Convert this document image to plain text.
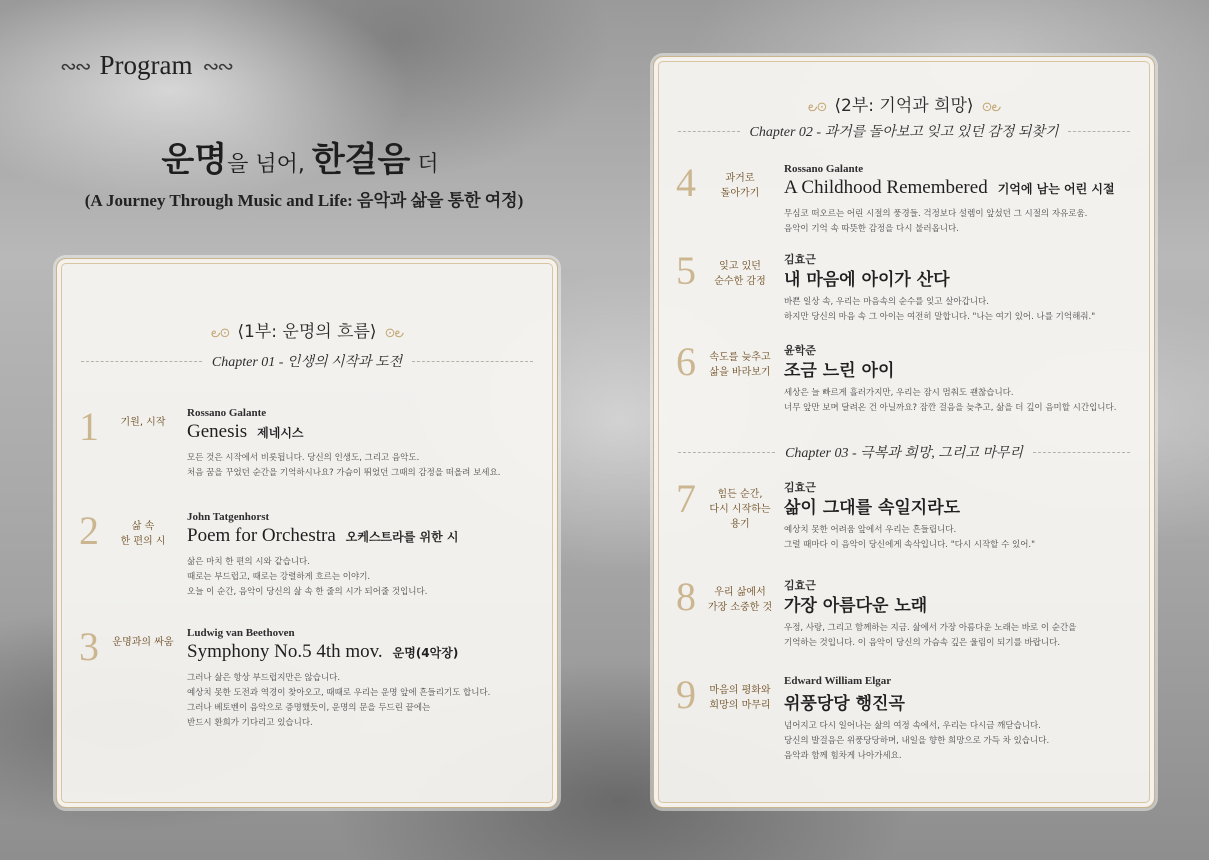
∾∾ Program ∾∾
운명을 넘어, 한걸음 더
(A Journey Through Music and Life: 음악과 삶을 통한 여정)
౿⊙ ⟨1부: 운명의 흐름⟩ ⊙౿
Chapter 01 - 인생의 시작과 도전
1	기원, 시작
Rossano Galante
Genesis 제네시스
모든 것은 시작에서 비롯됩니다. 당신의 인생도, 그리고 음악도.
처음 꿈을 꾸었던 순간을 기억하시나요? 가슴이 뛰었던 그때의 감정을 떠올려 보세요.
2	삶 속
한 편의 시
John Tatgenhorst
Poem for Orchestra 오케스트라를 위한 시
삶은 마치 한 편의 시와 같습니다.
때로는 부드럽고, 때로는 강렬하게 흐르는 이야기.
오늘 이 순간, 음악이 당신의 삶 속 한 줄의 시가 되어줄 것입니다.
3	운명과의 싸움
Ludwig van Beethoven
Symphony No.5 4th mov. 운명(4악장)
그러나 삶은 항상 부드럽지만은 않습니다.
예상치 못한 도전과 역경이 찾아오고, 때때로 우리는 운명 앞에 흔들리기도 합니다.
그러나 베토벤이 음악으로 증명했듯이, 운명의 문을 두드린 끝에는
반드시 환희가 기다리고 있습니다.
౿⊙ ⟨2부: 기억과 희망⟩ ⊙౿
Chapter 02 - 과거를 돌아보고 잊고 있던 감정 되찾기
4	과거로
돌아가기
Rossano Galante
A Childhood Remembered 기억에 남는 어린 시절
무심코 떠오르는 어린 시절의 풍경들. 걱정보다 설렘이 앞섰던 그 시절의 자유로움.
음악이 기억 속 따뜻한 감정을 다시 불러옵니다.
5	잊고 있던
순수한 감정
김효근
내 마음에 아이가 산다
바쁜 일상 속, 우리는 마음속의 순수를 잊고 살아갑니다.
하지만 당신의 마음 속 그 아이는 여전히 말합니다. "나는 여기 있어. 나를 기억해줘."
6	속도를 늦추고
삶을 바라보기
윤학준
조금 느린 아이
세상은 늘 빠르게 흘러가지만, 우리는 잠시 멈춰도 괜찮습니다.
너무 앞만 보며 달려온 건 아닐까요? 잠깐 걸음을 늦추고, 삶을 더 깊이 음미할 시간입니다.
Chapter 03 - 극복과 희망, 그리고 마무리
7	힘든 순간,
다시 시작하는
용기
김효근
삶이 그대를 속일지라도
예상치 못한 어려움 앞에서 우리는 흔들립니다.
그럴 때마다 이 음악이 당신에게 속삭입니다. "다시 시작할 수 있어."
8	우리 삶에서
가장 소중한 것
김효근
가장 아름다운 노래
우정, 사랑, 그리고 함께하는 지금. 삶에서 가장 아름다운 노래는 바로 이 순간을
기억하는 것입니다. 이 음악이 당신의 가슴속 깊은 울림이 되기를 바랍니다.
9	마음의 평화와
희망의 마무리
Edward William Elgar
위풍당당 행진곡
넘어지고 다시 일어나는 삶의 여정 속에서, 우리는 다시금 깨닫습니다.
당신의 발걸음은 위풍당당하며, 내일을 향한 희망으로 가득 차 있습니다.
음악과 함께 힘차게 나아가세요.
